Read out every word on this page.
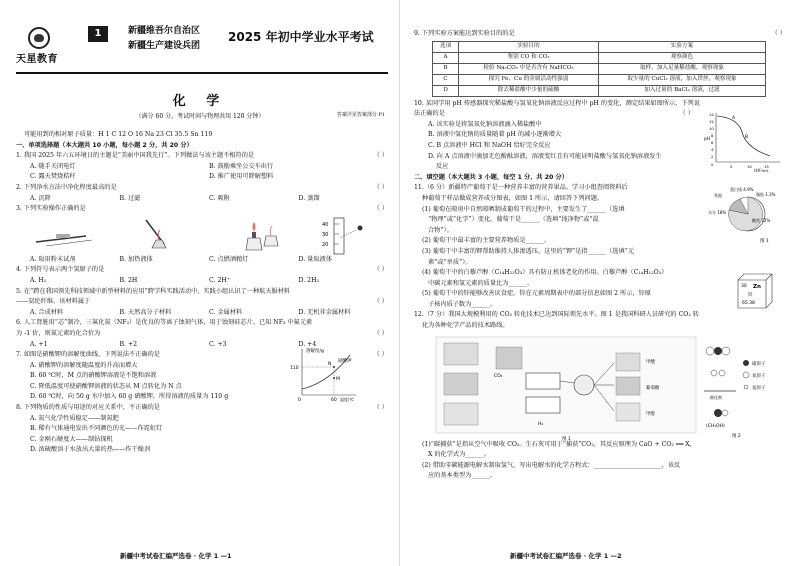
天星教育
1	新疆维吾尔自治区
新疆生产建设兵团
2025 年初中学业水平考试
答案详见答案部分 P1
化 学
（满分 60 分，考试时间与物理共用 120 分钟）
可能用到的相对原子质量：H 1 C 12 O 16 Na 23 Cl 35.5 Sn 119
一、单项选择题（本大题共 10 小题，每小题 2 分，共 20 分）
1. 我国 2025 年六五环境日的主题是“美丽中国我先行”。下列做法与该主题不相符的是	（ ）
A. 随手关闭电灯	B. 鼓励乘坐公交车出行
C. 露天焚烧秸秆	D. 推广使用可降解塑料
2. 下列净水方法中净化程度最高的是	（ ）
A. 沉降	B. 过滤	C. 吸附	D. 蒸馏
3. 下列实验操作正确的是	（ ）
40
30
20
A. 取用粉末试剂	B. 加热液体	C. 点燃酒精灯	D. 量取液体
4. 下列符号表示两个氢原子的是	（ ）
A. H₂	B. 2H	C. 2H⁺	D. 2H₂
5. 在“跨在我国领先科技领域中新型材料的应用”跨学科实践活动中，实践小组认识了一种航天服材料
——氨纶纤维。该材料属于	（ ）
A. 合成材料	B. 天然高分子材料	C. 金属材料	D. 无机非金属材料
6. 人工肾脏用“芯”制冷，三氟化氮（NF₃）是优良的等离子蚀刻气体，用于蚀刻硅芯片。已知 NF₃ 中氟元素
为 -1 价，则氮元素的化合价为	（ ）
A. +1	B. +2	C. +3	D. +4
7. 如图是硝酸钾的溶解度曲线，下列说法不正确的是	（ ）
A. 硝酸钾的溶解度随温度的升高而增大
B. 60 ℃时，M 点的硝酸钾溶液是不饱和溶液
C. 降低温度可使硝酸钾溶液的状态从 M 点转化为 N 点
D. 60 ℃时，向 50 g 水中加入 60 g 硝酸钾，所得溶液的质量为 110 g
溶解度/g
硝酸钾
110
0	60 温度/℃
M
N
8. 下列物质的性质与用途的对应关系中，不正确的是	（ ）
A. 氮气化学性质稳定——制氮肥
B. 稀有气体通电发出不同颜色的光——作霓虹灯
C. 金刚石硬度大——制钻探机
D. 浓硫酸溶于水放出大量的热——作干燥剂
新疆中考试卷汇编严选卷 · 化学 1 —1
9. 下列实验方案能达到实验目的的是	（ ）
选项	实验目的	实验方案
A	鉴别 CO 和 CO₂	观察颜色
B	检验 Na₂CO₃ 中是否含有 NaHCO₃	取样，加入足量稀盐酸，观察现象
C	探究 Fe、Cu 的金属活动性强弱	取少量的 CuCl₂ 溶液，加入铁丝，观察现象
D	除去稀盐酸中少量的硫酸	加入过量的 BaCl₂ 溶液，过滤
10. 某同学用 pH 传感器探究稀盐酸与氢氧化钠溶液反应过程中 pH 的变化，测定结果如图所示，下列说
法正确的是	（ ）
A. 该实验是将氢氧化钠溶液滴入稀盐酸中
B. 溶液中氢化钠的质量随着 pH 的减小逐渐增大
C. B 点溶液中 HCl 和 NaOH 恰好完全反应
D. 向 A 点溶液中滴加无色酚酞溶液，溶液变红且有可能证明盐酸与氢氧化钠溶液发生
反应
pH
14
12
10
8
6
4
2
0
A
B
5	10	15
体积/mL
二、填空题（本大题共 3 小题，每空 1 分，共 20 分）
11.（6 分）新疆特产葡萄干是一种营养丰富的营养果品。学习小组查阅资料后
种葡萄干样品做成营养成分图表，如图 1 所示，请回答下列问题。
(1) 葡萄在晾房中自然晾晒制成葡萄干的过程中，主要发生了______（选填
“物理”或“化学”）变化。葡萄干是______（选填“纯净物”或“混
合物”）。
(2) 葡萄干中最丰富的主要营养物质是______。
(3) 葡萄干中丰富的钾帮助维持人体渗透压。这里的“钾”是指______（选填“元
素”或“单质”）。
(4) 葡萄干中的白藜芦醇（C₁₄H₁₂O₃）具有防止机体老化的作用。白藜芦醇（C₁₄H₁₂O₃）
中碳元素和氢元素的质量比为______。
(5) 葡萄干中的锌能够改善厌食症。锌在元素周期表中的部分信息如图 2 所示，锌原
子核内质子数为______。
蛋白质 4.9%
其他	脂肪 1.3%
水分 18%
糖类 72%
图 1
30 Zn
锌
65.38
12.（7 分）我国大规模利用的 CO₂ 转化技术已达到国际领先水平。图 1 是我国科研人员研究的 CO₂ 转
化为各种化学产品的技术路线。
CO₂
H₂
甲酸
葡萄糖
甲醇
图 1
催化剂
(CH₃OH)
碳原子
氧原子
氢原子
图 2
(1)“碳捕获”是指从空气中吸收 CO₂。生石灰可用于“捕获”CO₂，其反应原理为 CaO + CO₂ ══ X，
X 的化学式为______。
(2) 借助零碳能源电解水制取氢气，写出电解水的化学方程式：______________________，该反
应的基本类型为______。
新疆中考试卷汇编严选卷 · 化学 1 —2
